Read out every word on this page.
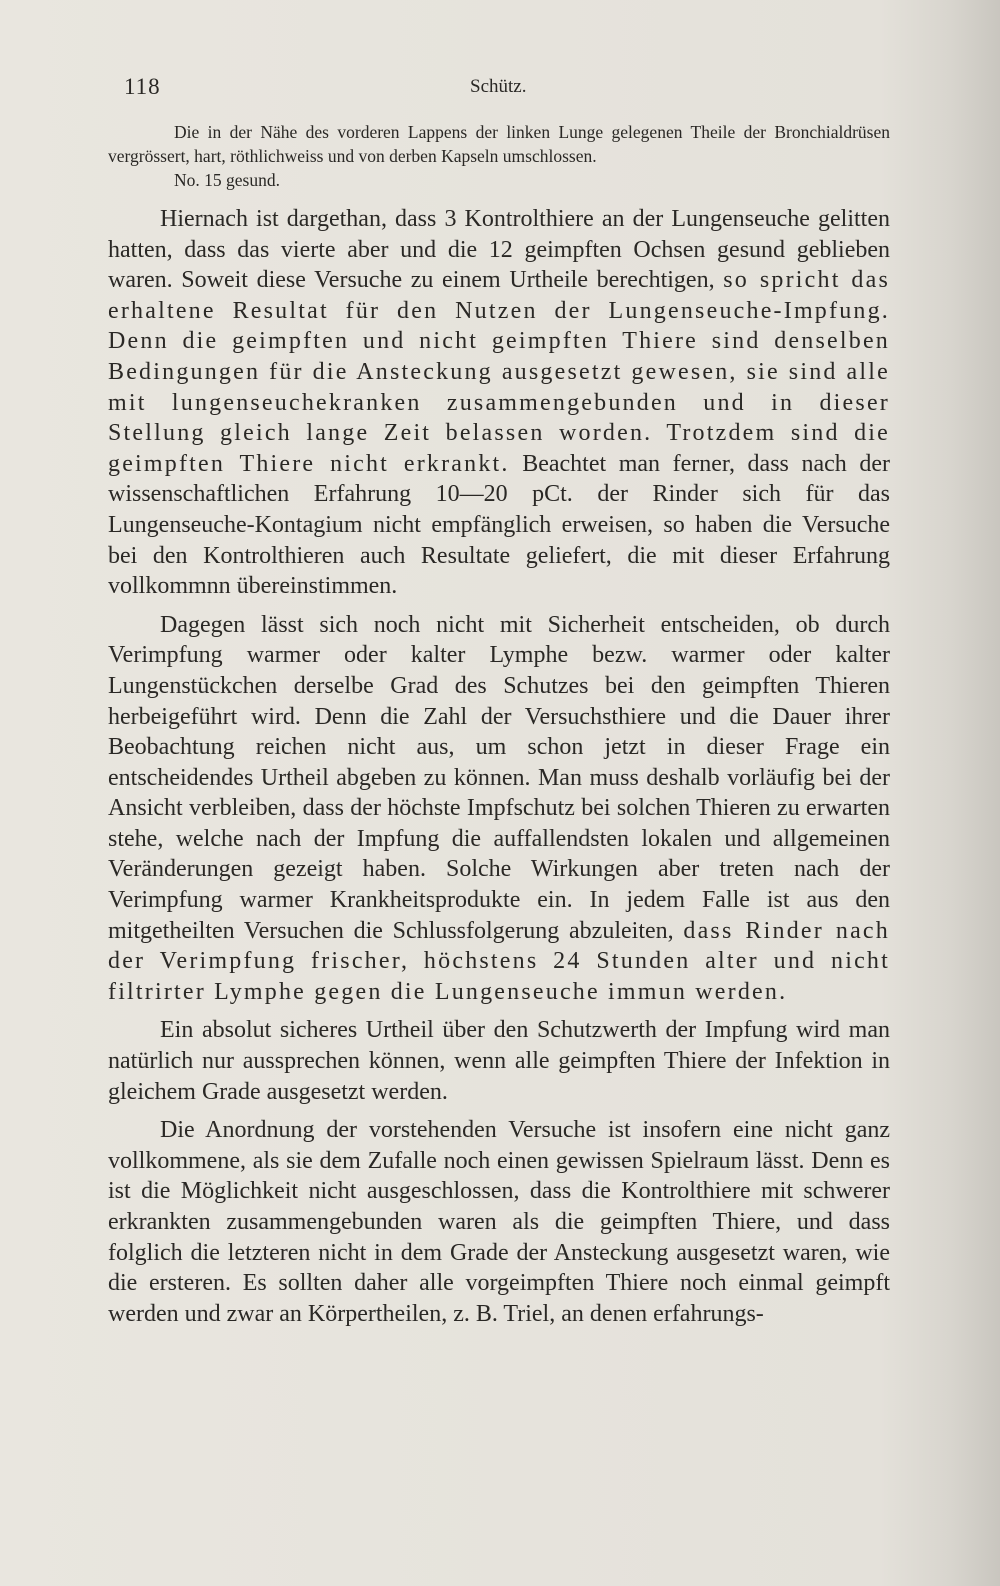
118	Schütz.

Die in der Nähe des vorderen Lappens der linken Lunge gelegenen Theile der Bronchialdrüsen vergrössert, hart, röthlichweiss und von derben Kapseln umschlossen.

No. 15 gesund.

Hiernach ist dargethan, dass 3 Kontrolthiere an der Lungenseuche gelitten hatten, dass das vierte aber und die 12 geimpften Ochsen gesund geblieben waren. Soweit diese Versuche zu einem Urtheile berechtigen, so spricht das erhaltene Resultat für den Nutzen der Lungenseuche-Impfung. Denn die geimpften und nicht geimpften Thiere sind denselben Bedingungen für die Ansteckung ausgesetzt gewesen, sie sind alle mit lungenseuchekranken zusammengebunden und in dieser Stellung gleich lange Zeit belassen worden. Trotzdem sind die geimpften Thiere nicht erkrankt. Beachtet man ferner, dass nach der wissenschaftlichen Erfahrung 10—20 pCt. der Rinder sich für das Lungenseuche-Kontagium nicht empfänglich erweisen, so haben die Versuche bei den Kontrolthieren auch Resultate geliefert, die mit dieser Erfahrung vollkommnn übereinstimmen.

Dagegen lässt sich noch nicht mit Sicherheit entscheiden, ob durch Verimpfung warmer oder kalter Lymphe bezw. warmer oder kalter Lungenstückchen derselbe Grad des Schutzes bei den geimpften Thieren herbeigeführt wird. Denn die Zahl der Versuchsthiere und die Dauer ihrer Beobachtung reichen nicht aus, um schon jetzt in dieser Frage ein entscheidendes Urtheil abgeben zu können. Man muss deshalb vorläufig bei der Ansicht verbleiben, dass der höchste Impfschutz bei solchen Thieren zu erwarten stehe, welche nach der Impfung die auffallendsten lokalen und allgemeinen Veränderungen gezeigt haben. Solche Wirkungen aber treten nach der Verimpfung warmer Krankheitsprodukte ein. In jedem Falle ist aus den mitgetheilten Versuchen die Schlussfolgerung abzuleiten, dass Rinder nach der Verimpfung frischer, höchstens 24 Stunden alter und nicht filtrirter Lymphe gegen die Lungenseuche immun werden.

Ein absolut sicheres Urtheil über den Schutzwerth der Impfung wird man natürlich nur aussprechen können, wenn alle geimpften Thiere der Infektion in gleichem Grade ausgesetzt werden.

Die Anordnung der vorstehenden Versuche ist insofern eine nicht ganz vollkommene, als sie dem Zufalle noch einen gewissen Spielraum lässt. Denn es ist die Möglichkeit nicht ausgeschlossen, dass die Kontrolthiere mit schwerer erkrankten zusammengebunden waren als die geimpften Thiere, und dass folglich die letzteren nicht in dem Grade der Ansteckung ausgesetzt waren, wie die ersteren. Es sollten daher alle vorgeimpften Thiere noch einmal geimpft werden und zwar an Körpertheilen, z. B. Triel, an denen erfahrungs-
